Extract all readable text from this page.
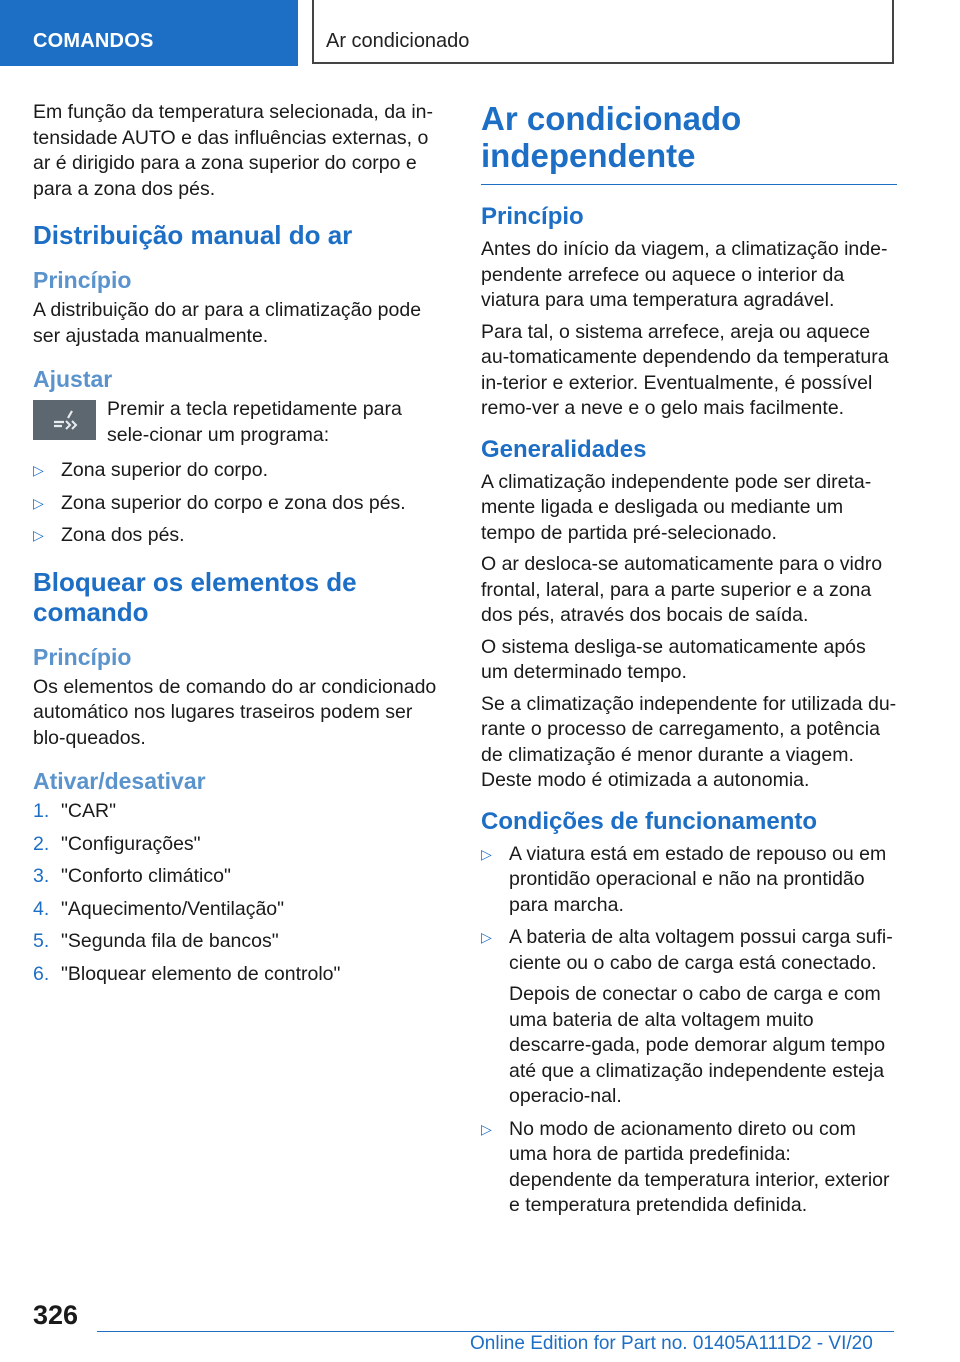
COMANDOS	Ar condicionado

Em função da temperatura selecionada, da in-tensidade AUTO e das influências externas, o ar é dirigido para a zona superior do corpo e para a zona dos pés.

Distribuição manual do ar
Princípio

A distribuição do ar para a climatização pode ser ajustada manualmente.

Ajustar
Premir a tecla repetidamente para sele-cionar um programa:
▷ Zona superior do corpo.
▷ Zona superior do corpo e zona dos pés.
▷ Zona dos pés.
Bloquear os elementos de comando
Princípio

Os elementos de comando do ar condicionado automático nos lugares traseiros podem ser blo-queados.

Ativar/desativar
1. "CAR"
2. "Configurações"
3. "Conforto climático"
4. "Aquecimento/Ventilação"
5. "Segunda fila de bancos"
6. "Bloquear elemento de controlo"
Ar condicionado independente
Princípio

Antes do início da viagem, a climatização inde-pendente arrefece ou aquece o interior da viatura para uma temperatura agradável.

Para tal, o sistema arrefece, areja ou aquece au-tomaticamente dependendo da temperatura in-terior e exterior. Eventualmente, é possível remo-ver a neve e o gelo mais facilmente.

Generalidades

A climatização independente pode ser direta-mente ligada e desligada ou mediante um tempo de partida pré-selecionado.

O ar desloca-se automaticamente para o vidro frontal, lateral, para a parte superior e a zona dos pés, através dos bocais de saída.

O sistema desliga-se automaticamente após um determinado tempo.

Se a climatização independente for utilizada du-rante o processo de carregamento, a potência de climatização é menor durante a viagem. Deste modo é otimizada a autonomia.

Condições de funcionamento
▷ A viatura está em estado de repouso ou em prontidão operacional e não na prontidão para marcha.
▷ A bateria de alta voltagem possui carga sufi-ciente ou o cabo de carga está conectado.

Depois de conectar o cabo de carga e com uma bateria de alta voltagem muito descarre-gada, pode demorar algum tempo até que a climatização independente esteja operacio-nal.

▷ No modo de acionamento direto ou com uma hora de partida predefinida: dependente da temperatura interior, exterior e temperatura pretendida definida.
326
Online Edition for Part no. 01405A111D2 - VI/20
